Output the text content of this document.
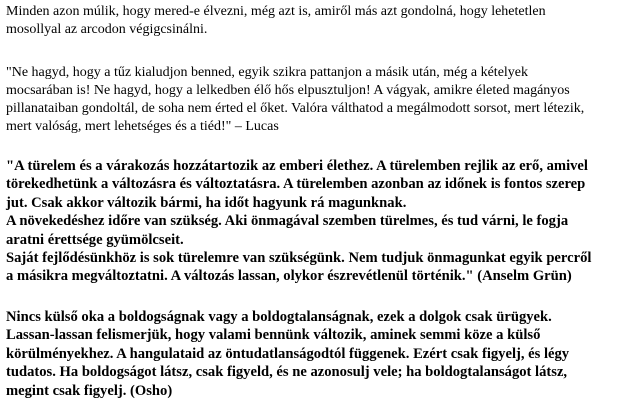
Minden azon múlik, hogy mered-e élvezni, még azt is, amiről más azt gondolná, hogy lehetetlen
mosollyal az arcodon végigcsinálni.

"Ne hagyd, hogy a tűz kialudjon benned, egyik szikra pattanjon a másik után, még a kételyek
mocsarában is! Ne hagyd, hogy a lelkedben élő hős elpusztuljon! A vágyak, amikre életed magányos
pillanataiban gondoltál, de soha nem érted el őket. Valóra válthatod a megálmodott sorsot, mert létezik,
mert valóság, mert lehetséges és a tiéd!" – Lucas

"A türelem és a várakozás hozzátartozik az emberi élethez. A türelemben rejlik az erő, amivel
törekedhetünk a változásra és változtatásra. A türelemben azonban az időnek is fontos szerep
jut. Csak akkor változik bármi, ha időt hagyunk rá magunknak.
A növekedéshez időre van szükség. Aki önmagával szemben türelmes, és tud várni, le fogja
aratni érettsége gyümölcseit.
Saját fejlődésünkhöz is sok türelemre van szükségünk. Nem tudjuk önmagunkat egyik percről
a másikra megváltoztatni. A változás lassan, olykor észrevétlenül történik." (Anselm Grün)

Nincs külső oka a boldogságnak vagy a boldogtalanságnak, ezek a dolgok csak ürügyek.
Lassan-lassan felismerjük, hogy valami bennünk változik, aminek semmi köze a külső
körülményekhez. A hangulataid az öntudatlanságodtól függenek. Ezért csak figyelj, és légy
tudatos. Ha boldogságot látsz, csak figyeld, és ne azonosulj vele; ha boldogtalanságot látsz,
megint csak figyelj. (Osho)
